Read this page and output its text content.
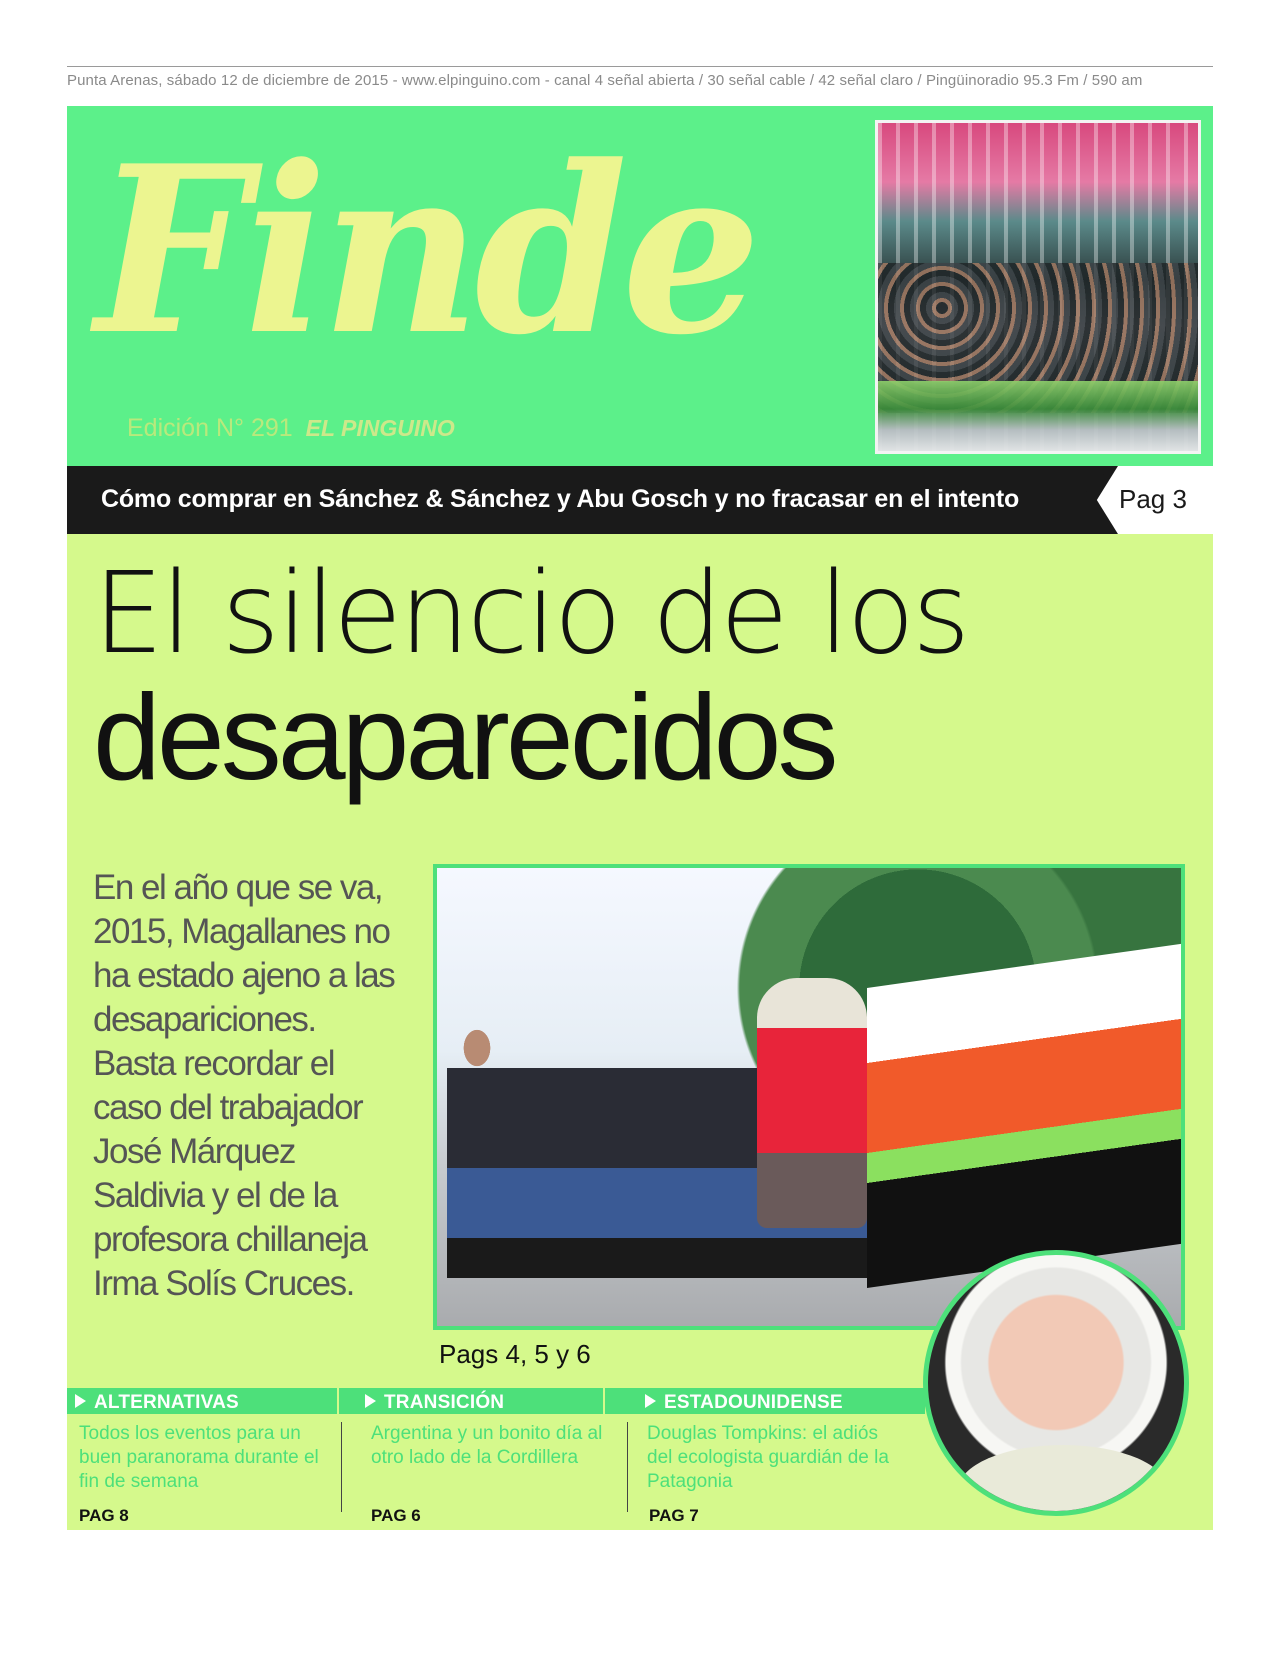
Punta Arenas, sábado 12 de diciembre de 2015 - www.elpinguino.com - canal 4 señal abierta / 30 señal cable / 42 señal claro / Pingüinoradio 95.3 Fm / 590 am
Finde
Edición N° 291 EL PINGUINO
Cómo comprar en Sánchez & Sánchez y Abu Gosch y no fracasar en el intento	Pag 3
El silencio de los
desaparecidos
En el año que se va, 2015, Magallanes no ha estado ajeno a las desapariciones. Basta recordar el caso del trabajador José Márquez Saldivia y el de la profesora chillaneja Irma Solís Cruces.
Pags 4, 5 y 6
ALTERNATIVAS	TRANSICIÓN	ESTADOUNIDENSE
Todos los eventos para un buen paranorama durante el fin de semana
Argentina y un bonito día al otro lado de la Cordillera
Douglas Tompkins: el adiós del ecologista guardián de la Patagonia
PAG 8	PAG 6	PAG 7
